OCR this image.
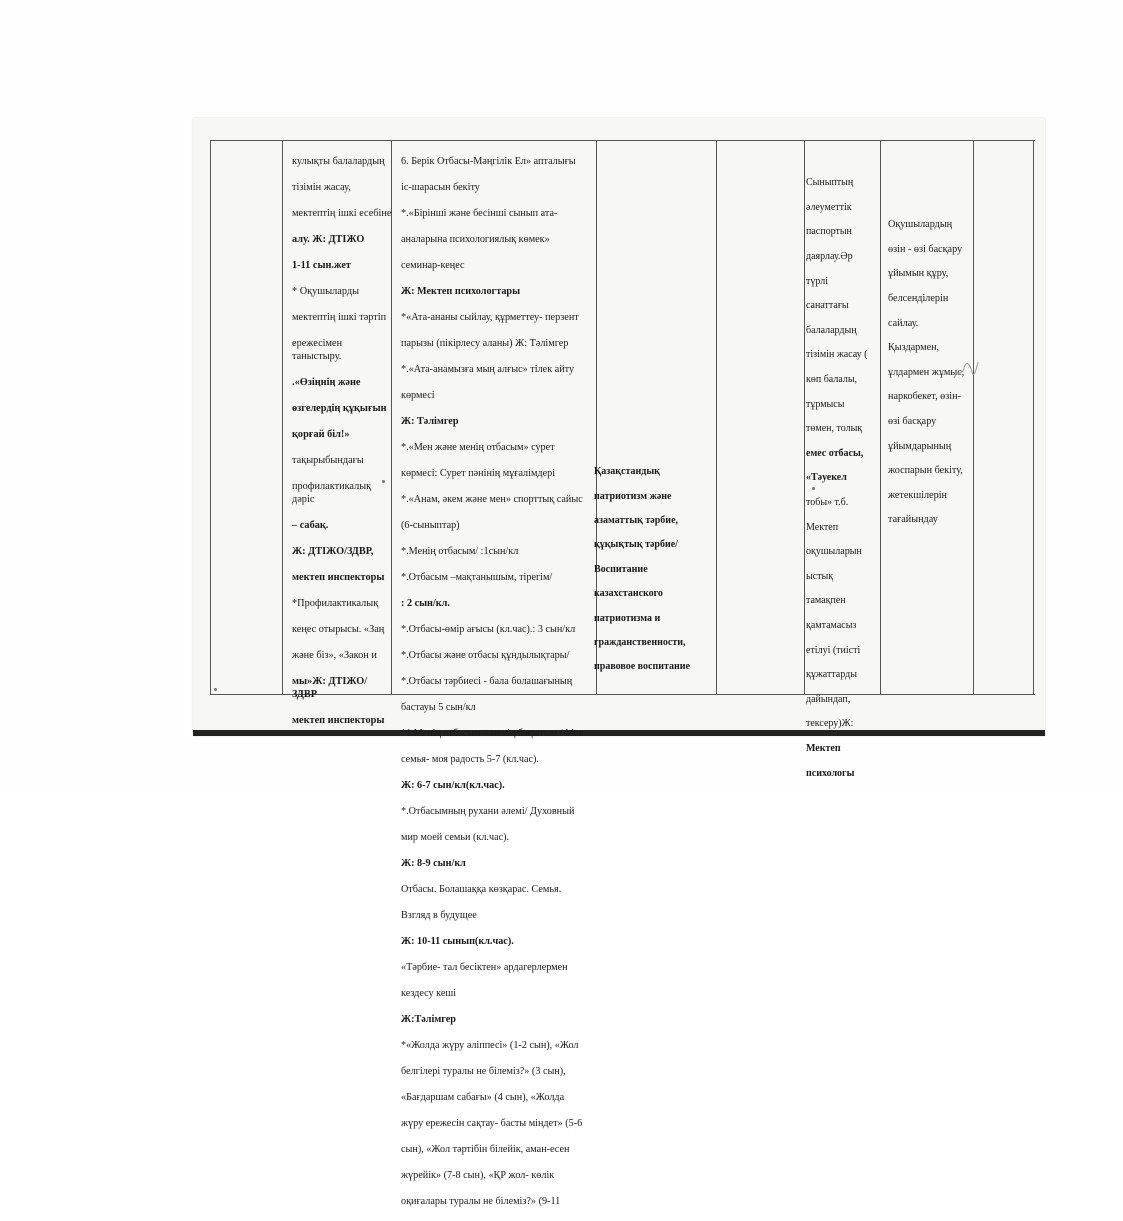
кулықты балалардың

тізімін жасау,

мектептің ішкі есебіне

алу. Ж: ДТІЖО

1-11 сын.жет

* Оқушыларды

мектептің ішкі тәртіп

ережесімен таныстыру.

.«Өзіңнің және

өзгелердің құқығын

қорғай біл!»

тақырыбындағы

профилактикалық дәріс

– сабақ.

Ж: ДТІЖО/ЗДВР,

мектеп инспекторы

*Профилактикалық

кеңес отырысы. «Заң

және біз», «Закон и

мы»Ж: ДТІЖО/ЗДВР

мектеп инспекторы

6. Берік Отбасы-Мәңгілік Ел» апталығы

іс-шарасын бекіту

*.«Бірінші және бесінші сынып ата-

аналарына психологиялық көмек»

семинар-кеңес

Ж: Мектеп психологтары

*«Ата-ананы сыйлау, құрметтеу- перзент

парызы (пікірлесу аланы) Ж: Тәлімгер

*.«Ата-анамызға мың алғыс» тілек айту

көрмесі

Ж: Тәлімгер

*.«Мен және менің отбасым» сурет

көрмесі: Сурет пәнінің мұғалімдері

*.«Анам, әкем және мен» спорттық сайыс

(6-сыныптар)

*.Менің отбасым/ :1сын/кл

*.Отбасым –мақтанышым, тірегім/

: 2 сын/кл.

*.Отбасы-өмір ағысы (кл.час).: 3 сын/кл

*.Отбасы және отбасы құндылықтары/

*.Отбасы тәрбиесі - бала болашағының

бастауы 5 сын/кл

*1.Менің отбасым – менің бақытым./ Моя

семья- моя радость 5-7 (кл.час).

Ж: 6-7 сын/кл(кл.час).

*.Отбасымның рухани әлемі/ Духовный

мир моей семьи (кл.час).

Ж: 8-9 сын/кл

Отбасы. Болашаққа көзқарас. Семья.

Взгляд в будущее

Ж: 10-11 сынып(кл.час).

«Тәрбие- тал бесіктен» ардагерлермен

кездесу кеші

Ж:Тәлімгер

*«Жолда жүру әліппесі» (1-2 сын), «Жол

белгілері туралы не білеміз?» (3 сын),

«Бағдаршам сабағы» (4 сын), «Жолда

жүру ережесін сақтау- басты міндет» (5-6

сын), «Жол тәртібін білейік, аман-есен

жүрейік» (7-8 сын), «ҚР жол- көлік

оқиғалары туралы не білеміз?» (9-11

Қазақстандық

патриотизм және

азаматтық тәрбие,

құқықтық тәрбие/

Воспитание

казахстанского

патриотизма и

гражданственности,

правовое воспитание

Сыныптың

әлеуметтік

паспортын

даярлау.Әр

түрлі

санаттағы

балалардың

тізімін жасау (

көп балалы,

тұрмысы

төмен, толық

емес отбасы,

«Тәуекел

тобы» т.б.

Мектеп

оқушыларын

ыстық

тамақпен

қамтамасыз

етілуі (тиісті

құжаттарды

дайындап,

тексеру)Ж:

Мектеп

психологы

Оқушылардың

өзін - өзі басқару

ұйымын құру,

белсенділерін

сайлау.

Қыздармен,

ұлдармен жұмыс,

наркобекет, өзін-

өзі басқару

ұйымдарының

жоспарын бекіту,

жетекшілерін

тағайындау
